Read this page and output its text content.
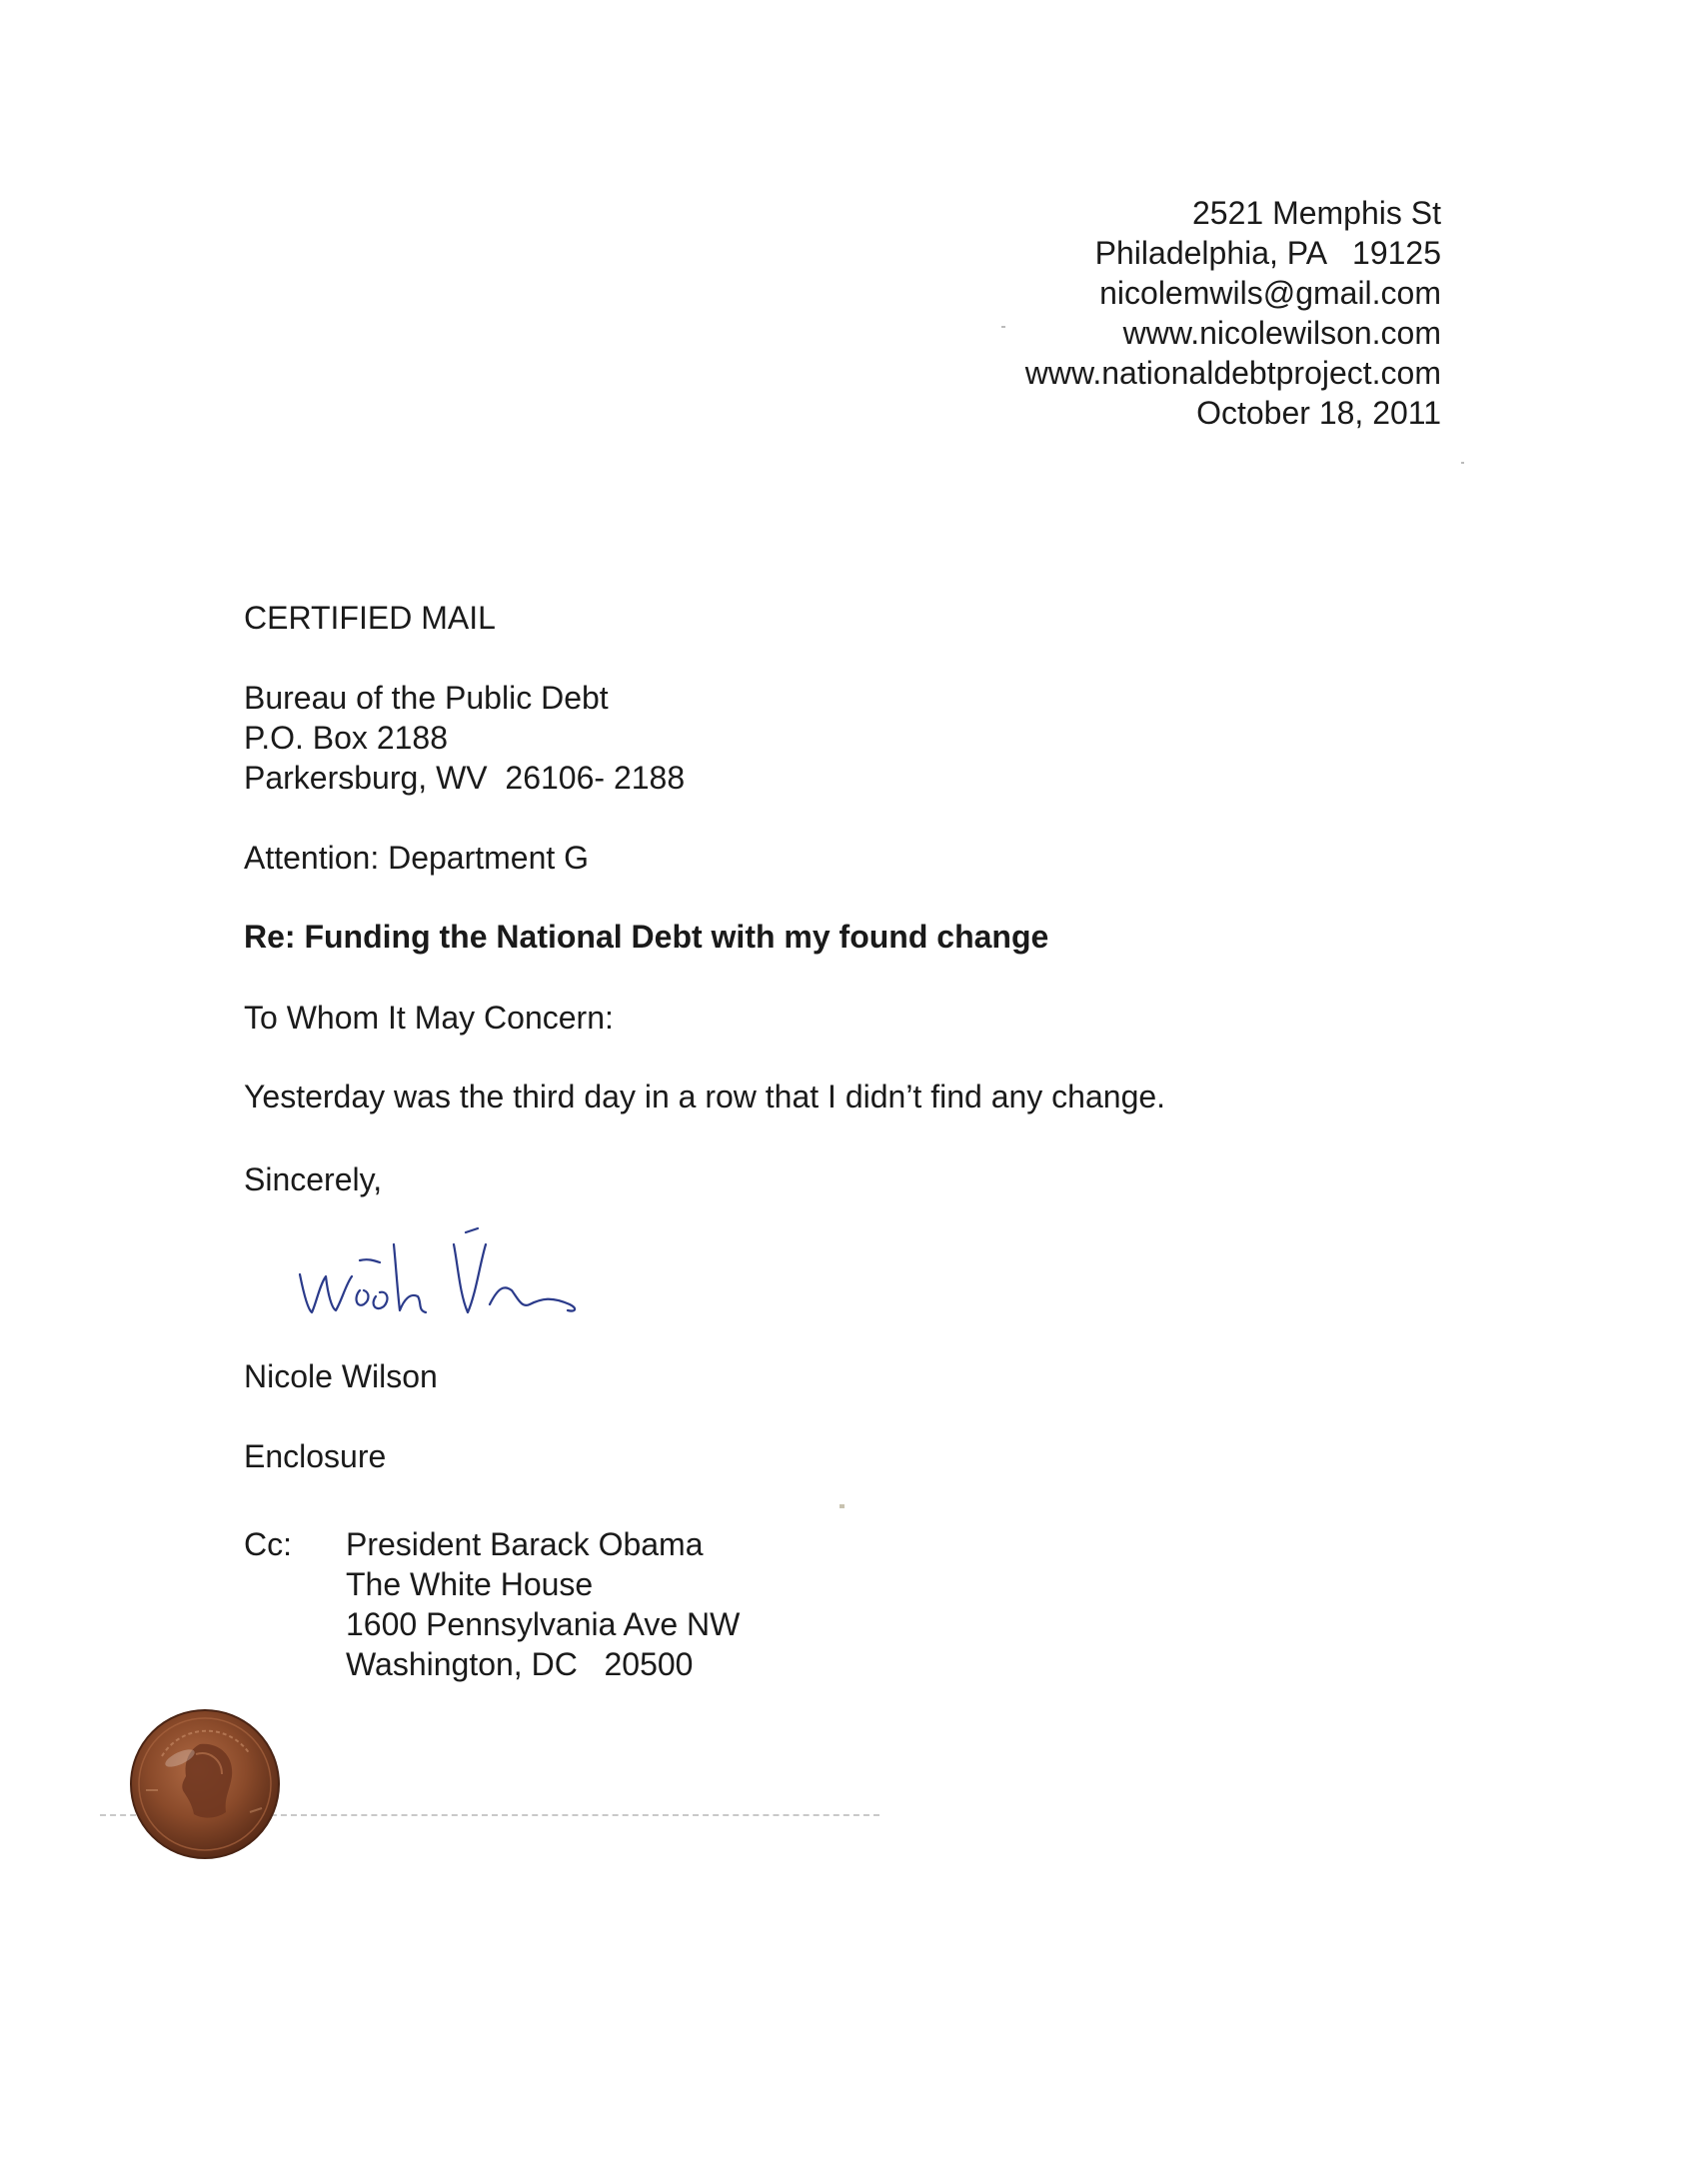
2521 Memphis St
Philadelphia, PA   19125
nicolemwils@gmail.com
www.nicolewilson.com
www.nationaldebtproject.com
October 18, 2011
CERTIFIED MAIL
Bureau of the Public Debt
P.O. Box 2188
Parkersburg, WV  26106- 2188
Attention: Department G
Re: Funding the National Debt with my found change
To Whom It May Concern:
Yesterday was the third day in a row that I didn’t find any change.
Sincerely,
Nicole Wilson
Enclosure
Cc: President Barack Obama
The White House
1600 Pennsylvania Ave NW
Washington, DC   20500
